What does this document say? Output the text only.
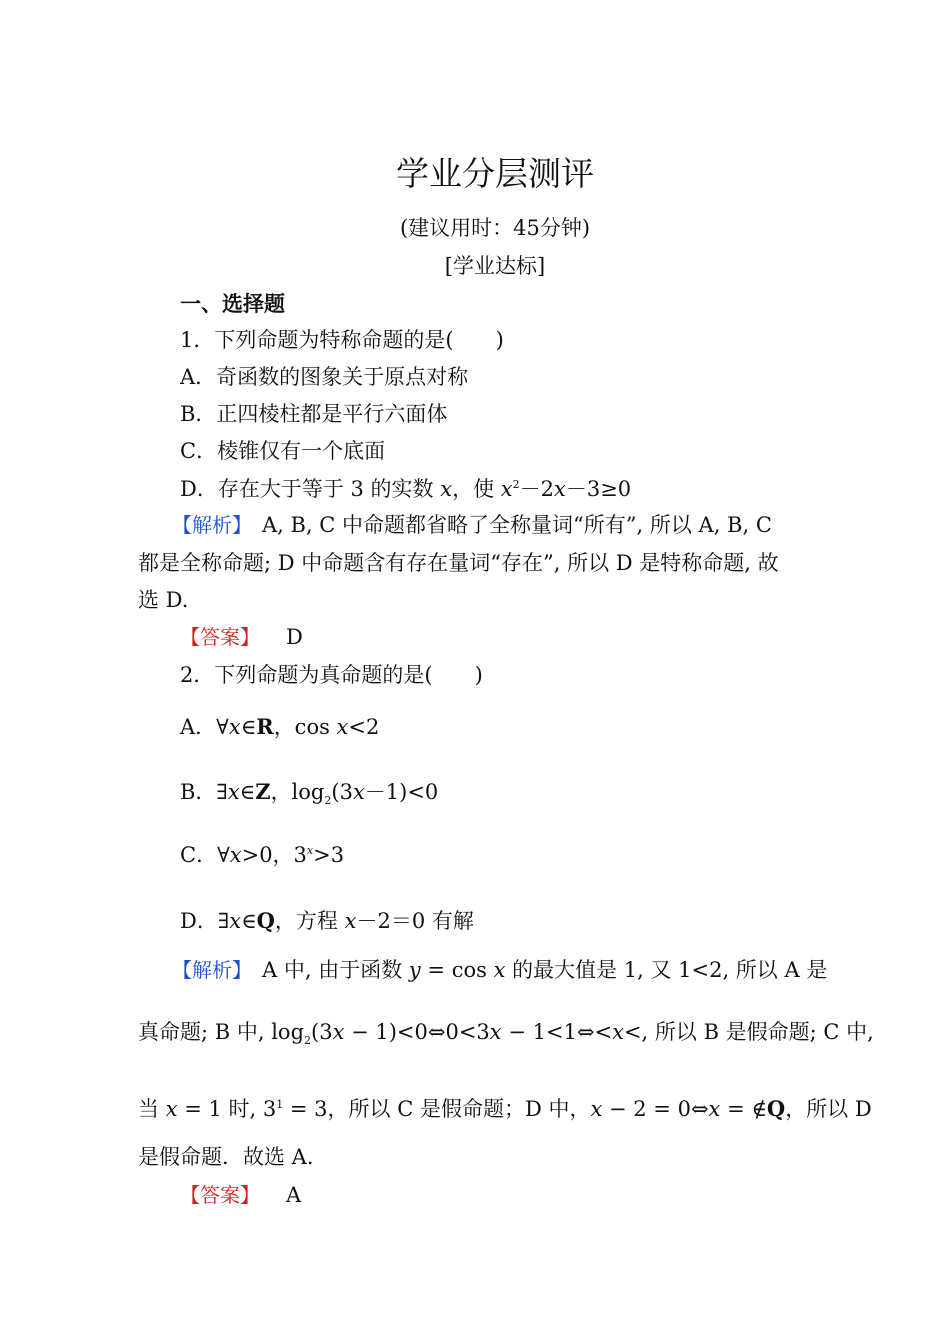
学业分层测评
(建议用时：45分钟)
[学业达标]
一、选择题
1．下列命题为特称命题的是(　　)
A．奇函数的图象关于原点对称
B．正四棱柱都是平行六面体
C．棱锥仅有一个底面
D．存在大于等于 3 的实数 x，使 $x^2-2x-3\ge 0$
【解析】 A, B, C 中命题都省略了全称量词“所有”, 所以 A, B, C
都是全称命题; D 中命题含有存在量词“存在”, 所以 D 是特称命题, 故
选 D.
【答案】 D
2．下列命题为真命题的是(　　)
A．∀x∈R，cos x<2
B．∃x∈Z，$\log_2(3x-1)<0$
C．∀x>0，$3^x>3$
D．∃x∈Q，方程 x－2＝0 有解
【解析】 A 中, 由于函数 y = cos x 的最大值是 1, 又 1<2, 所以 A 是
真命题; B 中, $\log_2(3x$ − 1)<0⇔0<3x − 1<1⇔<x<, 所以 B 是假命题; C 中,
当 x = 1 时, $3^1 = 3$，所以 C 是假命题；D 中，x − 2 = 0⇔x = ∉Q，所以 D
是假命题．故选 A.
【答案】 A
